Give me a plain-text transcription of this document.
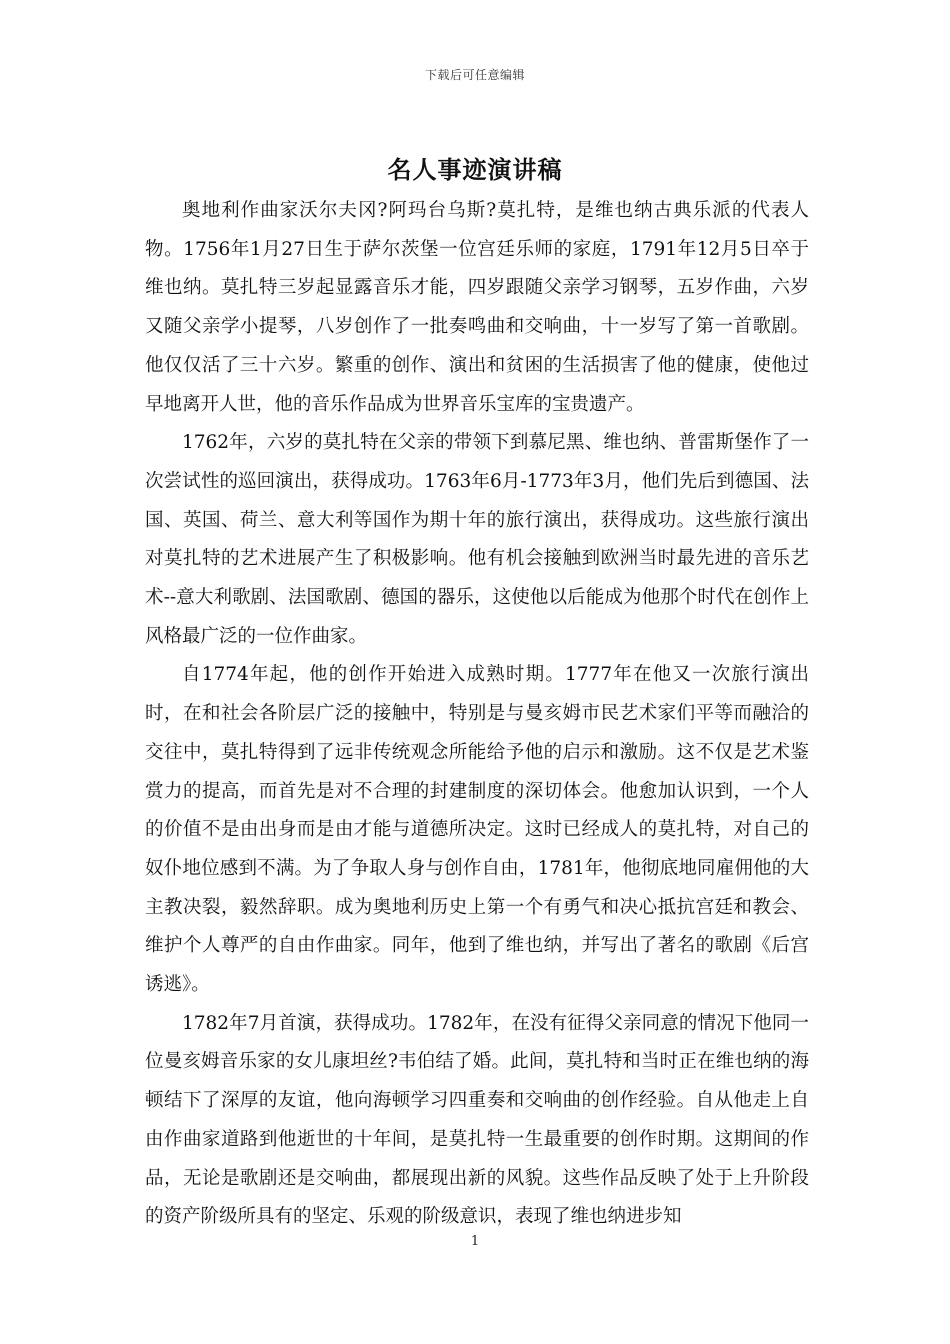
下载后可任意编辑
名人事迹演讲稿

奥地利作曲家沃尔夫冈?阿玛台乌斯?莫扎特，是维也纳古典乐派的代表人物。1756年1月27日生于萨尔茨堡一位宫廷乐师的家庭，1791年12月5日卒于维也纳。莫扎特三岁起显露音乐才能，四岁跟随父亲学习钢琴，五岁作曲，六岁又随父亲学小提琴，八岁创作了一批奏鸣曲和交响曲，十一岁写了第一首歌剧。他仅仅活了三十六岁。繁重的创作、演出和贫困的生活损害了他的健康，使他过早地离开人世，他的音乐作品成为世界音乐宝库的宝贵遗产。

1762年，六岁的莫扎特在父亲的带领下到慕尼黑、维也纳、普雷斯堡作了一次尝试性的巡回演出，获得成功。1763年6月-1773年3月，他们先后到德国、法国、英国、荷兰、意大利等国作为期十年的旅行演出，获得成功。这些旅行演出对莫扎特的艺术进展产生了积极影响。他有机会接触到欧洲当时最先进的音乐艺术--意大利歌剧、法国歌剧、德国的器乐，这使他以后能成为他那个时代在创作上风格最广泛的一位作曲家。

自1774年起，他的创作开始进入成熟时期。1777年在他又一次旅行演出时，在和社会各阶层广泛的接触中，特别是与曼亥姆市民艺术家们平等而融洽的交往中，莫扎特得到了远非传统观念所能给予他的启示和激励。这不仅是艺术鉴赏力的提高，而首先是对不合理的封建制度的深切体会。他愈加认识到，一个人的价值不是由出身而是由才能与道德所决定。这时已经成人的莫扎特，对自己的奴仆地位感到不满。为了争取人身与创作自由，1781年，他彻底地同雇佣他的大主教决裂，毅然辞职。成为奥地利历史上第一个有勇气和决心抵抗宫廷和教会、维护个人尊严的自由作曲家。同年，他到了维也纳，并写出了著名的歌剧《后宫诱逃》。

1782年7月首演，获得成功。1782年，在没有征得父亲同意的情况下他同一位曼亥姆音乐家的女儿康坦丝?韦伯结了婚。此间，莫扎特和当时正在维也纳的海顿结下了深厚的友谊，他向海顿学习四重奏和交响曲的创作经验。自从他走上自由作曲家道路到他逝世的十年间，是莫扎特一生最重要的创作时期。这期间的作品，无论是歌剧还是交响曲，都展现出新的风貌。这些作品反映了处于上升阶段的资产阶级所具有的坚定、乐观的阶级意识，表现了维也纳进步知

1
